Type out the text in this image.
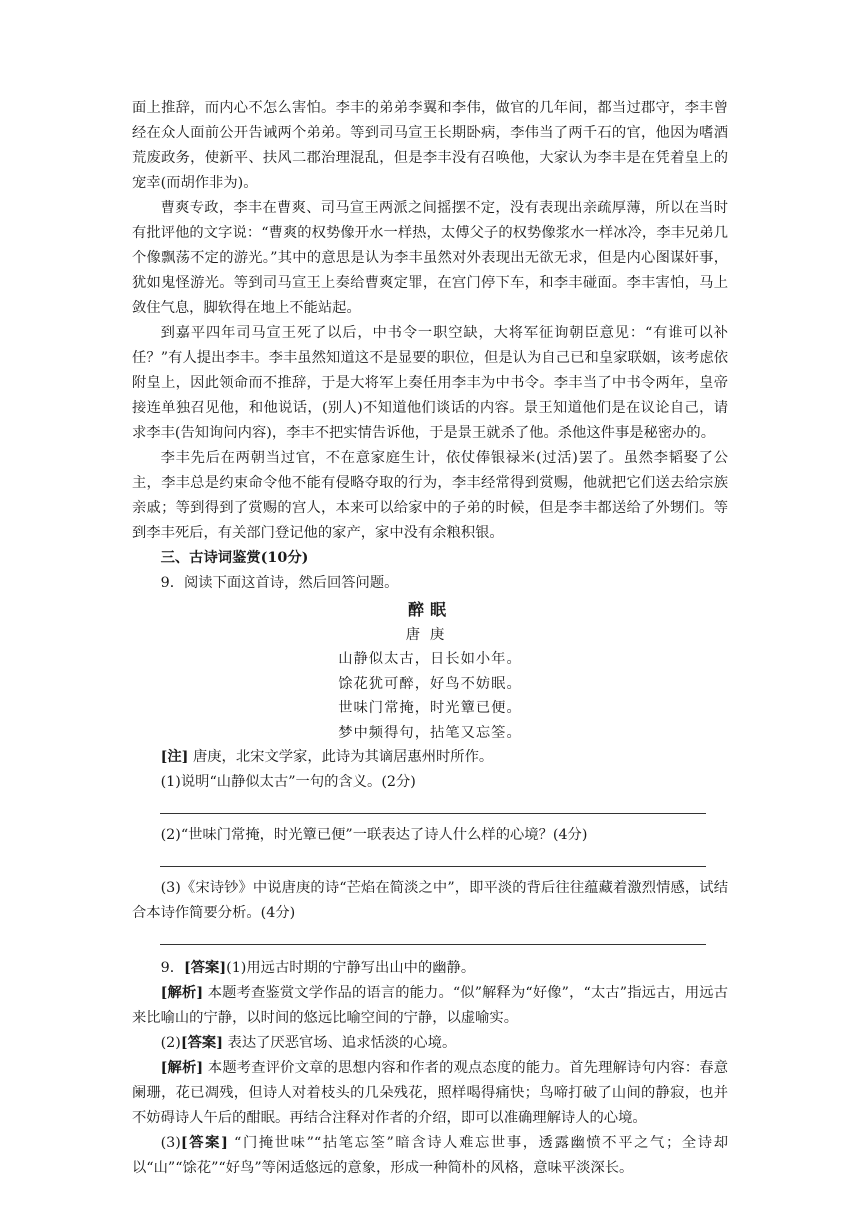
面上推辞，而内心不怎么害怕。李丰的弟弟李翼和李伟，做官的几年间，都当过郡守，李丰曾经在众人面前公开告诫两个弟弟。等到司马宣王长期卧病，李伟当了两千石的官，他因为嗜酒荒废政务，使新平、扶风二郡治理混乱，但是李丰没有召唤他，大家认为李丰是在凭着皇上的宠幸(而胡作非为)。

曹爽专政，李丰在曹爽、司马宣王两派之间摇摆不定，没有表现出亲疏厚薄，所以在当时有批评他的文字说：“曹爽的权势像开水一样热，太傅父子的权势像浆水一样冰冷，李丰兄弟几个像飘荡不定的游光。”其中的意思是认为李丰虽然对外表现出无欲无求，但是内心图谋奸事，犹如鬼怪游光。等到司马宣王上奏给曹爽定罪，在宫门停下车，和李丰碰面。李丰害怕，马上敛住气息，脚软得在地上不能站起。

到嘉平四年司马宣王死了以后，中书令一职空缺，大将军征询朝臣意见：“有谁可以补任？”有人提出李丰。李丰虽然知道这不是显要的职位，但是认为自己已和皇家联姻，该考虑依附皇上，因此领命而不推辞，于是大将军上奏任用李丰为中书令。李丰当了中书令两年，皇帝接连单独召见他，和他说话，(别人)不知道他们谈话的内容。景王知道他们是在议论自己，请求李丰(告知询问内容)，李丰不把实情告诉他，于是景王就杀了他。杀他这件事是秘密办的。

李丰先后在两朝当过官，不在意家庭生计，依仗俸银禄米(过活)罢了。虽然李韬娶了公主，李丰总是约束命令他不能有侵略夺取的行为，李丰经常得到赏赐，他就把它们送去给宗族亲戚；等到得到了赏赐的宫人，本来可以给家中的子弟的时候，但是李丰都送给了外甥们。等到李丰死后，有关部门登记他的家产，家中没有余粮积银。

三、古诗词鉴赏(10分)

9．阅读下面这首诗，然后回答问题。

醉眠
唐庚
山静似太古，日长如小年。
馀花犹可醉，好鸟不妨眠。
世味门常掩，时光簟已便。
梦中频得句，拈笔又忘筌。

[注] 唐庚，北宋文学家，此诗为其谪居惠州时所作。

(1)说明“山静似太古”一句的含义。(2分)

(2)“世味门常掩，时光簟已便”一联表达了诗人什么样的心境？(4分)

(3)《宋诗钞》中说唐庚的诗“芒焰在简淡之中”，即平淡的背后往往蕴藏着激烈情感，试结合本诗作简要分析。(4分)

9．[答案](1)用远古时期的宁静写出山中的幽静。

[解析] 本题考查鉴赏文学作品的语言的能力。“似”解释为“好像”，“太古”指远古，用远古来比喻山的宁静，以时间的悠远比喻空间的宁静，以虚喻实。

(2)[答案] 表达了厌恶官场、追求恬淡的心境。

[解析] 本题考查评价文章的思想内容和作者的观点态度的能力。首先理解诗句内容：春意阑珊，花已凋残，但诗人对着枝头的几朵残花，照样喝得痛快；鸟啼打破了山间的静寂，也并不妨碍诗人午后的酣眠。再结合注释对作者的介绍，即可以准确理解诗人的心境。

(3)[答案] “门掩世味”“拈笔忘筌”暗含诗人难忘世事，透露幽愤不平之气；全诗却以“山”“馀花”“好鸟”等闲适悠远的意象，形成一种简朴的风格，意味平淡深长。
